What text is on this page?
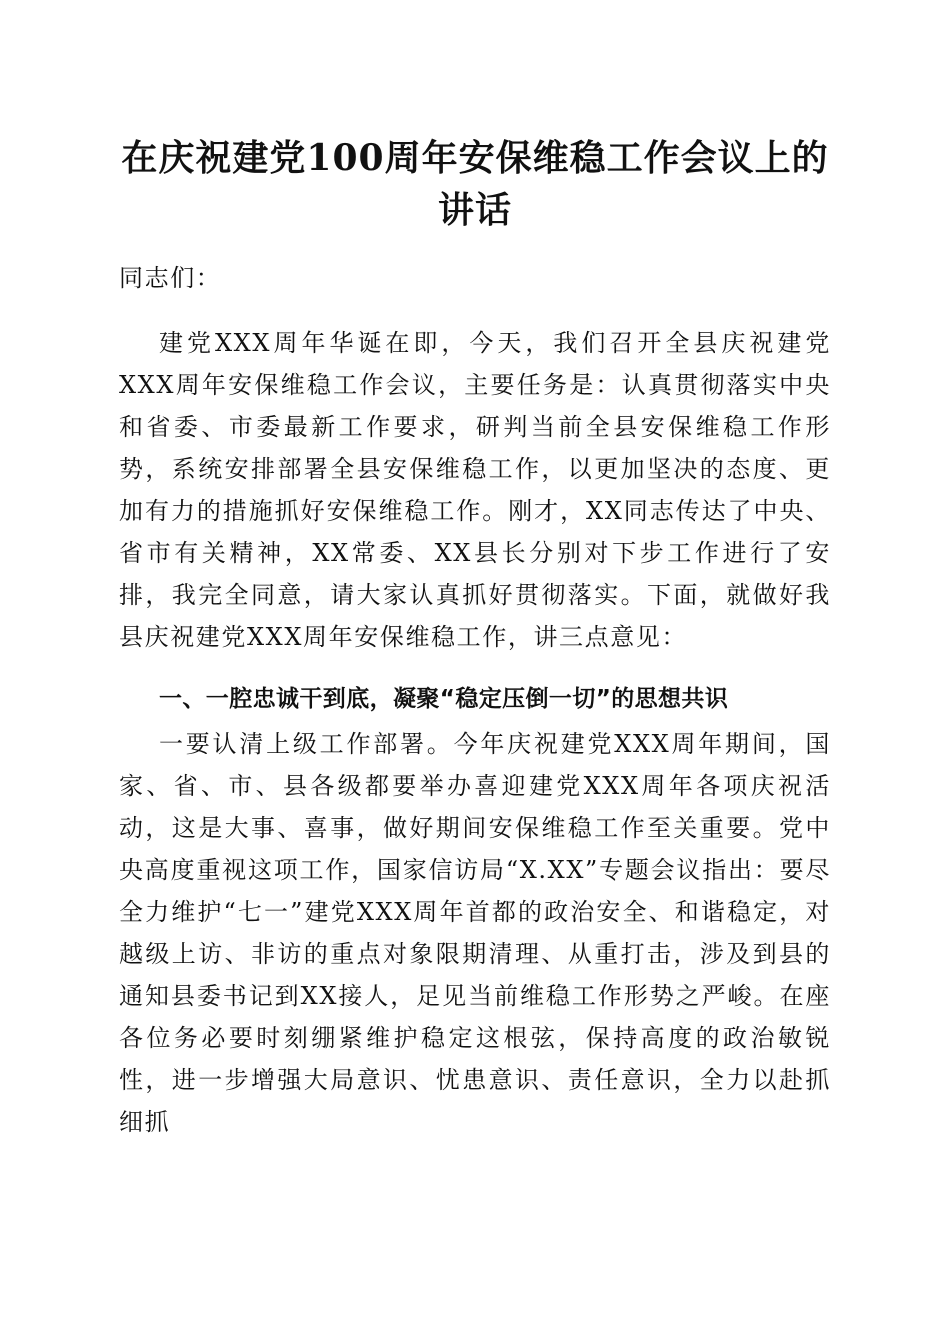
在庆祝建党100周年安保维稳工作会议上的讲话

同志们：

建党XXX周年华诞在即，今天，我们召开全县庆祝建党XXX周年安保维稳工作会议，主要任务是：认真贯彻落实中央和省委、市委最新工作要求，研判当前全县安保维稳工作形势，系统安排部署全县安保维稳工作，以更加坚决的态度、更加有力的措施抓好安保维稳工作。刚才，XX同志传达了中央、省市有关精神，XX常委、XX县长分别对下步工作进行了安排，我完全同意，请大家认真抓好贯彻落实。下面，就做好我县庆祝建党XXX周年安保维稳工作，讲三点意见：

一、一腔忠诚干到底，凝聚“稳定压倒一切”的思想共识

一要认清上级工作部署。今年庆祝建党XXX周年期间，国家、省、市、县各级都要举办喜迎建党XXX周年各项庆祝活动，这是大事、喜事，做好期间安保维稳工作至关重要。党中央高度重视这项工作，国家信访局“X.XX”专题会议指出：要尽全力维护“七一”建党XXX周年首都的政治安全、和谐稳定，对越级上访、非访的重点对象限期清理、从重打击，涉及到县的通知县委书记到XX接人，足见当前维稳工作形势之严峻。在座各位务必要时刻绷紧维护稳定这根弦，保持高度的政治敏锐性，进一步增强大局意识、忧患意识、责任意识，全力以赴抓细抓
